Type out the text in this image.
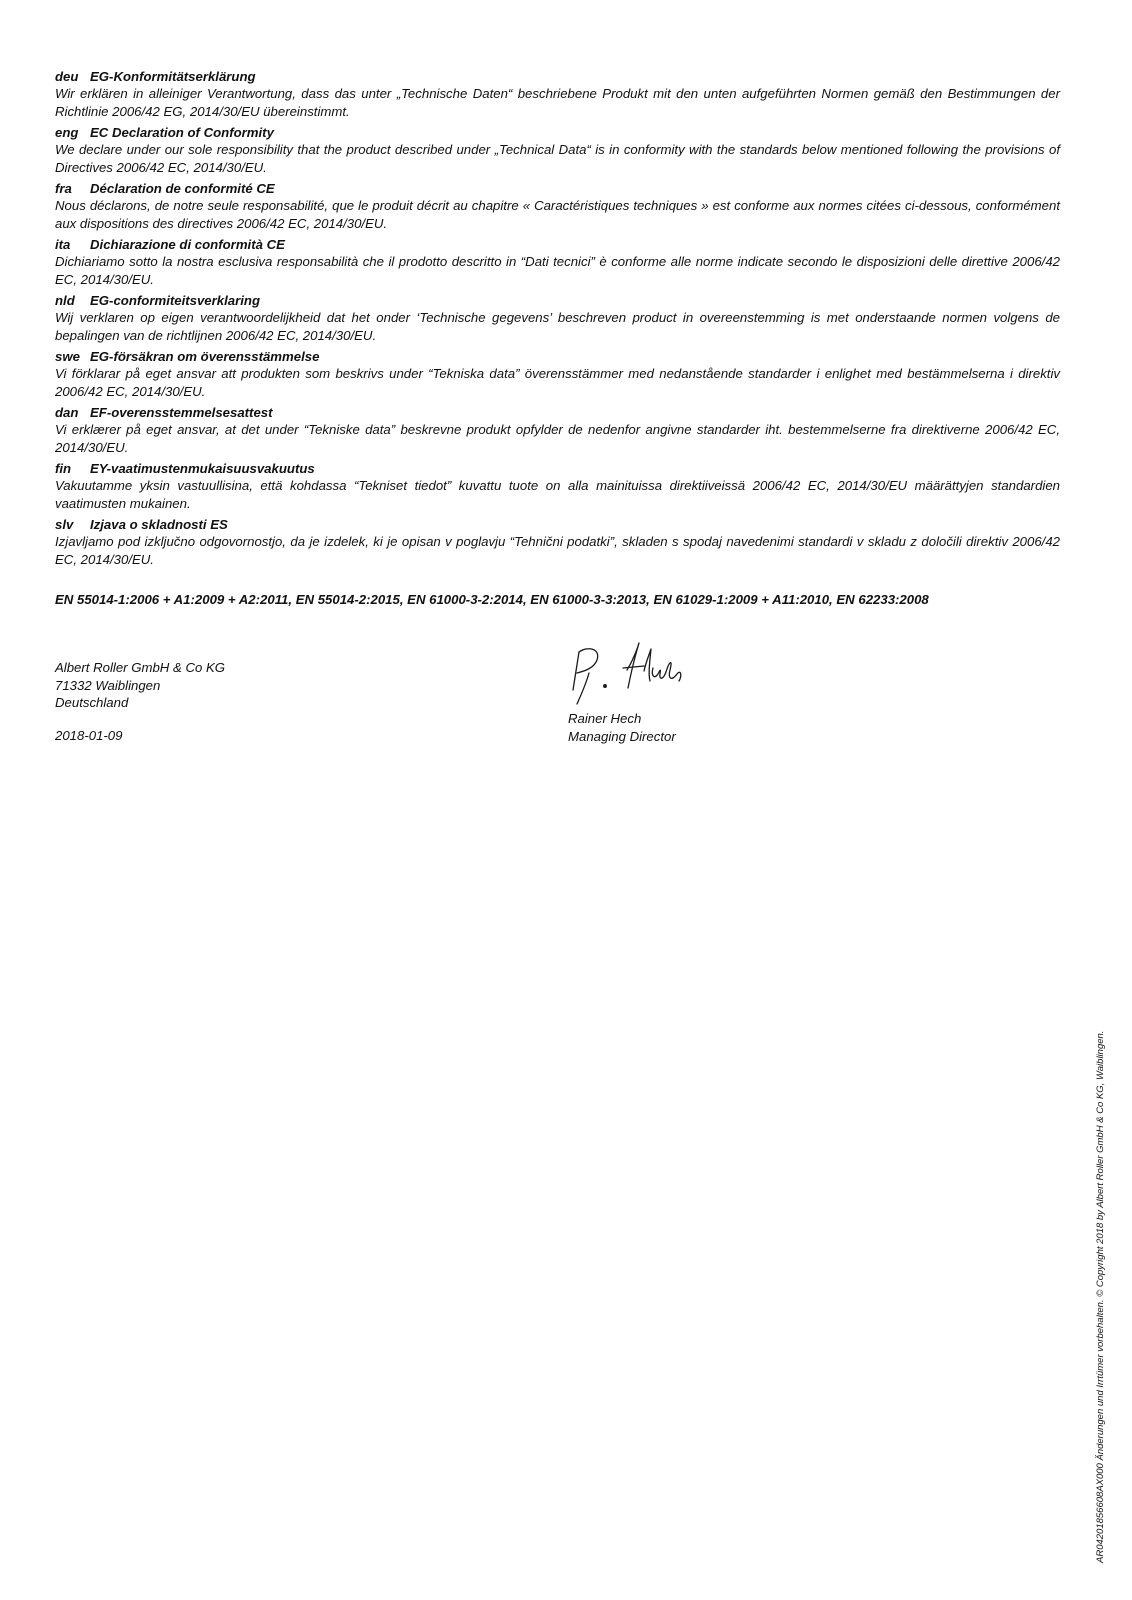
deu EG-Konformitätserklärung
Wir erklären in alleiniger Verantwortung, dass das unter „Technische Daten“ beschriebene Produkt mit den unten aufgeführten Normen gemäß den Bestimmungen der Richtlinie 2006/42 EG, 2014/30/EU übereinstimmt.
eng EC Declaration of Conformity
We declare under our sole responsibility that the product described under „Technical Data“ is in conformity with the standards below mentioned following the provisions of Directives 2006/42 EC, 2014/30/EU.
fra Déclaration de conformité CE
Nous déclarons, de notre seule responsabilité, que le produit décrit au chapitre « Caractéristiques techniques » est conforme aux normes citées ci-dessous, conformément aux dispositions des directives 2006/42 EC, 2014/30/EU.
ita Dichiarazione di conformità CE
Dichiariamo sotto la nostra esclusiva responsabilità che il prodotto descritto in “Dati tecnici” è conforme alle norme indicate secondo le disposizioni delle direttive 2006/42 EC, 2014/30/EU.
nld EG-conformiteitsverklaring
Wij verklaren op eigen verantwoordelijkheid dat het onder ‘Technische gegevens’ beschreven product in overeenstemming is met onderstaande normen volgens de bepalingen van de richtlijnen 2006/42 EC, 2014/30/EU.
swe EG-försäkran om överensstämmelse
Vi förklarar på eget ansvar att produkten som beskrivs under “Tekniska data” överensstämmer med nedanstående standarder i enlighet med bestämmelserna i direktiv 2006/42 EC, 2014/30/EU.
dan EF-overensstemmelsesattest
Vi erklærer på eget ansvar, at det under “Tekniske data” beskrevne produkt opfylder de nedenfor angivne standarder iht. bestemmelserne fra direktiverne 2006/42 EC, 2014/30/EU.
fin EY-vaatimustenmukaisuusvakuutus
Vakuutamme yksin vastuullisina, että kohdassa “Tekniset tiedot” kuvattu tuote on alla mainituissa direktiiveissä 2006/42 EC, 2014/30/EU määrättyjen standardien vaatimusten mukainen.
slv Izjava o skladnosti ES
Izjavljamo pod izključno odgovornostjo, da je izdelek, ki je opisan v poglavju “Tehnični podatki”, skladen s spodaj navedenimi standardi v skladu z določili direktiv 2006/42 EC, 2014/30/EU.
EN 55014-1:2006 + A1:2009 + A2:2011, EN 55014-2:2015, EN 61000-3-2:2014, EN 61000-3-3:2013, EN 61029-1:2009 + A11:2010, EN 62233:2008
Albert Roller GmbH & Co KG
71332 Waiblingen
Deutschland
2018-01-09
Rainer Hech
Managing Director
AR04201856608AX000 Änderungen und Irrtümer vorbehalten. © Copyright 2018 by Albert Roller GmbH & Co KG, Waiblingen.
